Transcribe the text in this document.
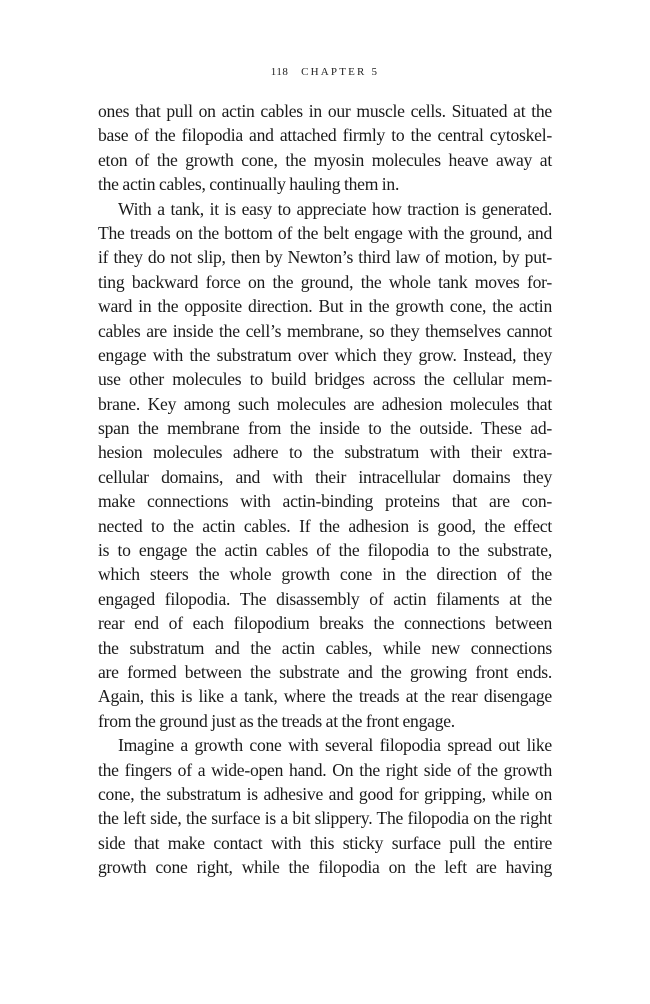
118 CHAPTER 5
ones that pull on actin cables in our muscle cells. Situated at the
base of the filopodia and attached firmly to the central cytoskel-
eton of the growth cone, the myosin molecules heave away at
the actin cables, continually hauling them in.
With a tank, it is easy to appreciate how traction is generated.
The treads on the bottom of the belt engage with the ground, and
if they do not slip, then by Newton’s third law of motion, by put-
ting backward force on the ground, the whole tank moves for-
ward in the opposite direction. But in the growth cone, the actin
cables are inside the cell’s membrane, so they themselves cannot
engage with the substratum over which they grow. Instead, they
use other molecules to build bridges across the cellular mem-
brane. Key among such molecules are adhesion molecules that
span the membrane from the inside to the outside. These ad-
hesion molecules adhere to the substratum with their extra-
cellular domains, and with their intracellular domains they
make connections with actin-binding proteins that are con-
nected to the actin cables. If the adhesion is good, the effect
is to engage the actin cables of the filopodia to the substrate,
which steers the whole growth cone in the direction of the
engaged filopodia. The disassembly of actin filaments at the
rear end of each filopodium breaks the connections between
the substratum and the actin cables, while new connections
are formed between the substrate and the growing front ends.
Again, this is like a tank, where the treads at the rear disengage
from the ground just as the treads at the front engage.
Imagine a growth cone with several filopodia spread out like
the fingers of a wide-open hand. On the right side of the growth
cone, the substratum is adhesive and good for gripping, while on
the left side, the surface is a bit slippery. The filopodia on the right
side that make contact with this sticky surface pull the entire
growth cone right, while the filopodia on the left are having
